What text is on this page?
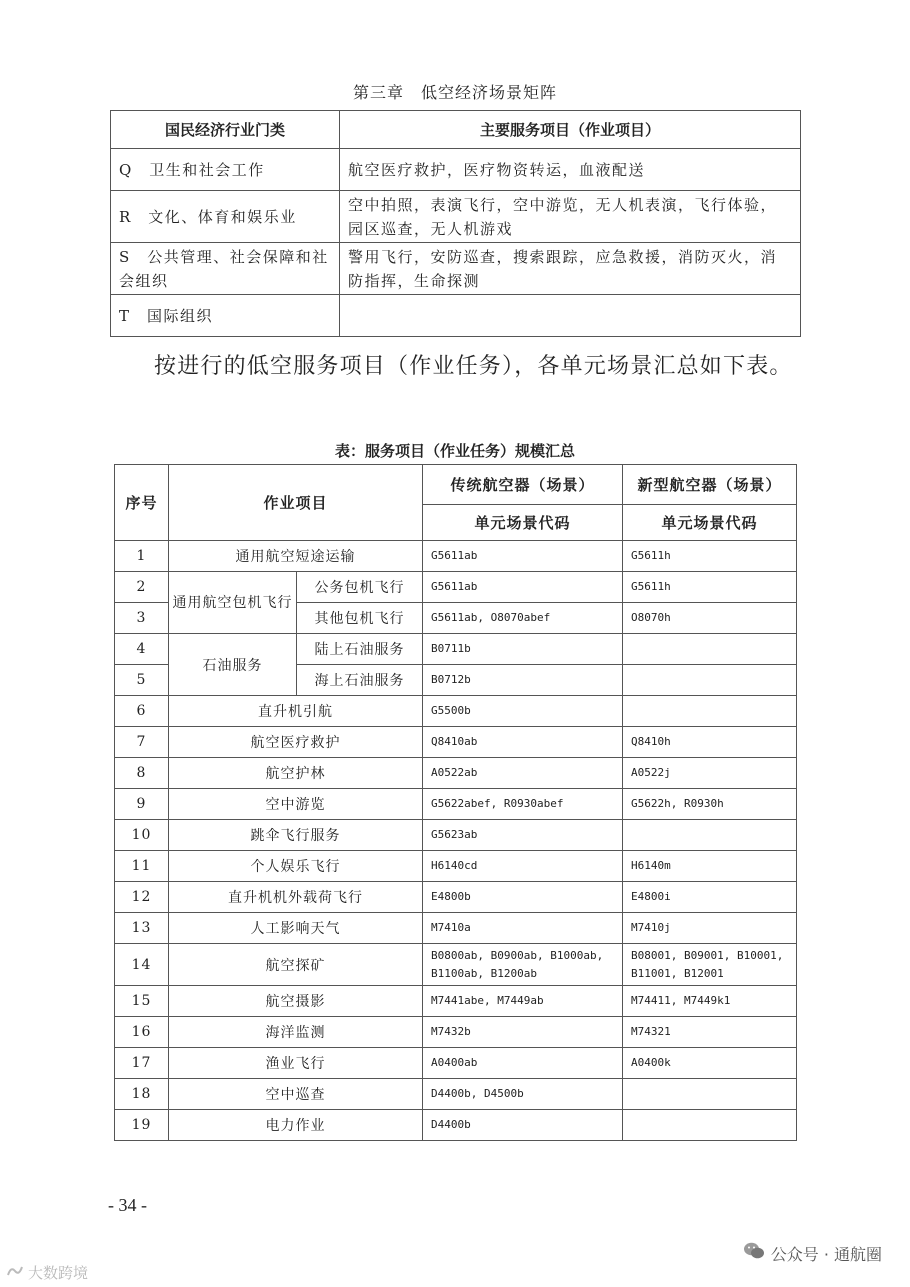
第三章　低空经济场景矩阵
国民经济行业门类	主要服务项目（作业项目）
Q　卫生和社会工作	航空医疗救护，医疗物资转运，血液配送
R　文化、体育和娱乐业	空中拍照，表演飞行，空中游览，无人机表演，飞行体验，园区巡查，无人机游戏
S　公共管理、社会保障和社会组织	警用飞行，安防巡查，搜索跟踪，应急救援，消防灭火，消防指挥，生命探测
T　国际组织	

按进行的低空服务项目（作业任务），各单元场景汇总如下表。

表：服务项目（作业任务）规模汇总
序号	作业项目		传统航空器（场景）	新型航空器（场景）
			单元场景代码	单元场景代码
1	通用航空短途运输		G5611ab	G5611h
2	通用航空包机飞行	公务包机飞行	G5611ab	G5611h
3		其他包机飞行	G5611ab, O8070abef	O8070h
4	石油服务	陆上石油服务	B0711b	
5		海上石油服务	B0712b	
6	直升机引航		G5500b	
7	航空医疗救护		Q8410ab	Q8410h
8	航空护林		A0522ab	A0522j
9	空中游览		G5622abef, R0930abef	G5622h, R0930h
10	跳伞飞行服务		G5623ab	
11	个人娱乐飞行		H6140cd	H6140m
12	直升机机外载荷飞行		E4800b	E4800i
13	人工影响天气		M7410a	M7410j
14	航空探矿		B0800ab, B0900ab, B1000ab, B1100ab, B1200ab	B08001, B09001, B10001, B11001, B12001
15	航空摄影		M7441abe, M7449ab	M74411, M7449k1
16	海洋监测		M7432b	M74321
17	渔业飞行		A0400ab	A0400k
18	空中巡查		D4400b, D4500b	
19	电力作业		D4400b	
- 34 -
大数跨境
公众号 · 通航圈
